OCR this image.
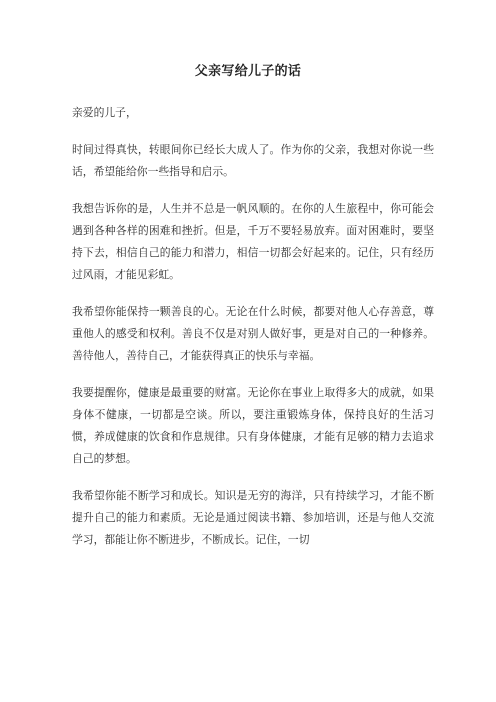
父亲写给儿子的话

亲爱的儿子，

时间过得真快，转眼间你已经长大成人了。作为你的父亲，我想对你说一些话，希望能给你一些指导和启示。

我想告诉你的是，人生并不总是一帆风顺的。在你的人生旅程中，你可能会遇到各种各样的困难和挫折。但是，千万不要轻易放弃。面对困难时，要坚持下去，相信自己的能力和潜力，相信一切都会好起来的。记住，只有经历过风雨，才能见彩虹。

我希望你能保持一颗善良的心。无论在什么时候，都要对他人心存善意，尊重他人的感受和权利。善良不仅是对别人做好事，更是对自己的一种修养。善待他人，善待自己，才能获得真正的快乐与幸福。

我要提醒你，健康是最重要的财富。无论你在事业上取得多大的成就，如果身体不健康，一切都是空谈。所以，要注重锻炼身体，保持良好的生活习惯，养成健康的饮食和作息规律。只有身体健康，才能有足够的精力去追求自己的梦想。

我希望你能不断学习和成长。知识是无穷的海洋，只有持续学习，才能不断提升自己的能力和素质。无论是通过阅读书籍、参加培训，还是与他人交流学习，都能让你不断进步，不断成长。记住，一切
